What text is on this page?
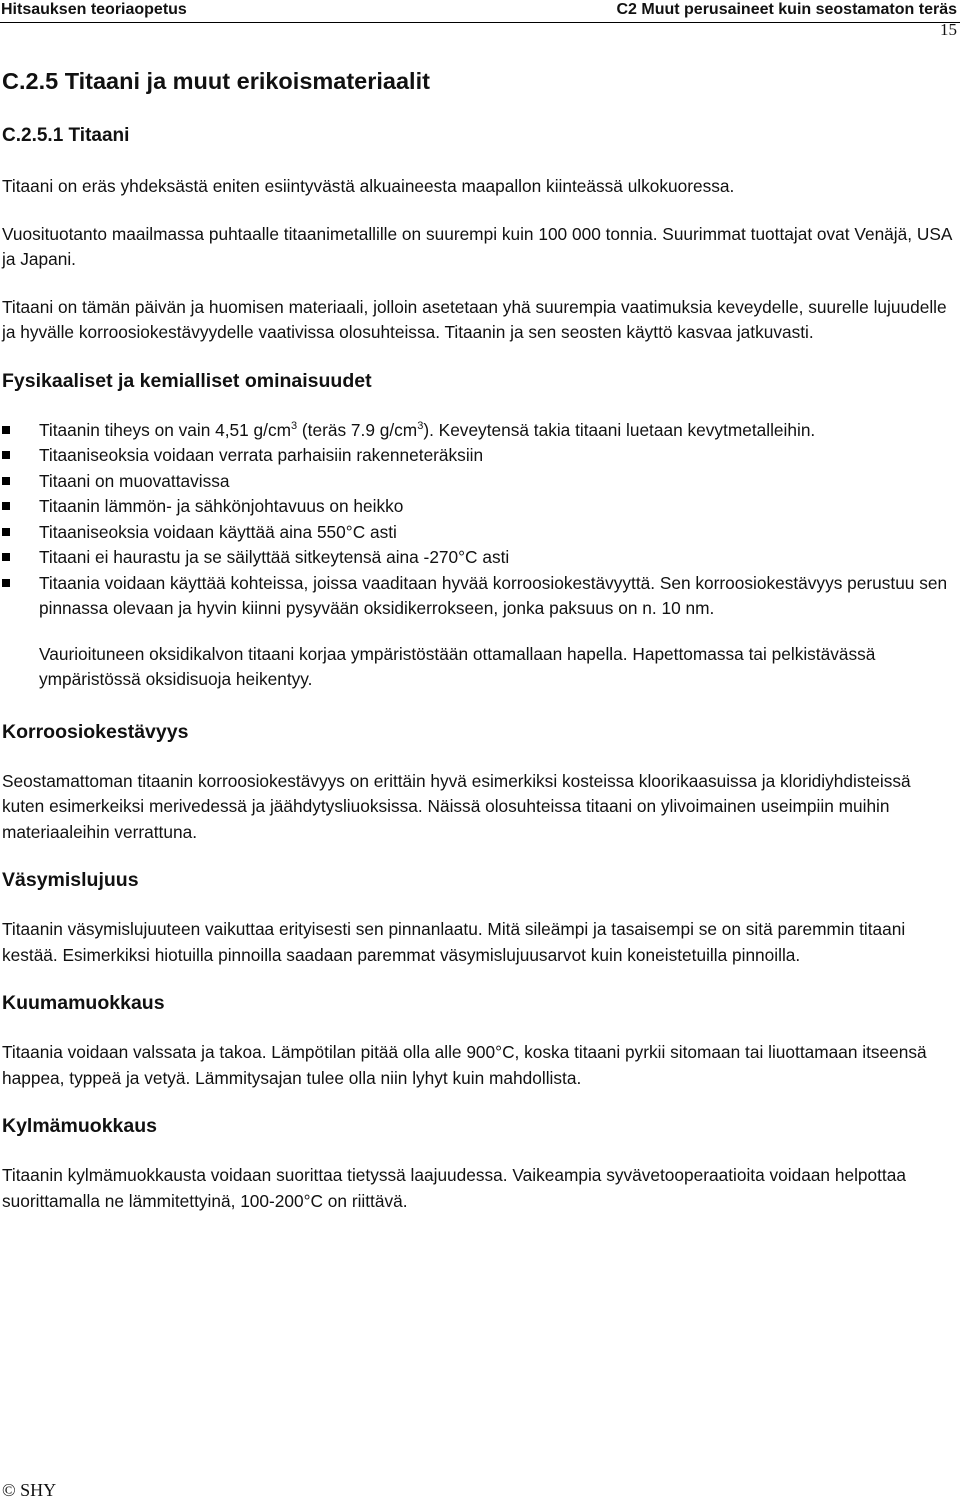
Hitsauksen teoriaopetus	C2 Muut perusaineet kuin seostamaton teräs
15
C.2.5 Titaani ja muut erikoismateriaalit
C.2.5.1 Titaani

Titaani on eräs yhdeksästä eniten esiintyvästä alkuaineesta maapallon kiinteässä ulkokuoressa.

Vuosituotanto maailmassa puhtaalle titaanimetallille on suurempi kuin 100 000 tonnia. Suurimmat tuottajat ovat Venäjä, USA ja Japani.

Titaani on tämän päivän ja huomisen materiaali, jolloin asetetaan yhä suurempia vaatimuksia keveydelle, suurelle lujuudelle ja hyvälle korroosiokestävyydelle vaativissa olosuhteissa. Titaanin ja sen seosten käyttö kasvaa jatkuvasti.

Fysikaaliset ja kemialliset ominaisuudet
Titaanin tiheys on vain 4,51 $g/cm^3$ (teräs 7.9 $g/cm^3$). Keveytensä takia titaani luetaan kevytmetalleihin.
Titaaniseoksia voidaan verrata parhaisiin rakenneteräksiin
Titaani on muovattavissa
Titaanin lämmön- ja sähkönjohtavuus on heikko
Titaaniseoksia voidaan käyttää aina 550°C asti
Titaani ei haurastu ja se säilyttää sitkeytensä aina -270°C asti
Titaania voidaan käyttää kohteissa, joissa vaaditaan hyvää korroosiokestävyyttä. Sen korroosiokestävyys perustuu sen pinnassa olevaan ja hyvin kiinni pysyvään oksidikerrokseen, jonka paksuus on n. 10 nm.

Vaurioituneen oksidikalvon titaani korjaa ympäristöstään ottamallaan hapella. Hapettomassa tai pelkistävässä ympäristössä oksidisuoja heikentyy.

Korroosiokestävyys

Seostamattoman titaanin korroosiokestävyys on erittäin hyvä esimerkiksi kosteissa kloorikaasuissa ja kloridiyhdisteissä kuten esimerkeiksi merivedessä ja jäähdytysliuoksissa. Näissä olosuhteissa titaani on ylivoimainen useimpiin muihin materiaaleihin verrattuna.

Väsymislujuus

Titaanin väsymislujuuteen vaikuttaa erityisesti sen pinnanlaatu. Mitä sileämpi ja tasaisempi se on sitä paremmin titaani kestää. Esimerkiksi hiotuilla pinnoilla saadaan paremmat väsymislujuusarvot kuin koneistetuilla pinnoilla.

Kuumamuokkaus

Titaania voidaan valssata ja takoa. Lämpötilan pitää olla alle 900°C, koska titaani pyrkii sitomaan tai liuottamaan itseensä happea, typpeä ja vetyä. Lämmitysajan tulee olla niin lyhyt kuin mahdollista.

Kylmämuokkaus

Titaanin kylmämuokkausta voidaan suorittaa tietyssä laajuudessa. Vaikeampia syvävetooperaatioita voidaan helpottaa suorittamalla ne lämmitettyinä, 100-200°C on riittävä.

© SHY
